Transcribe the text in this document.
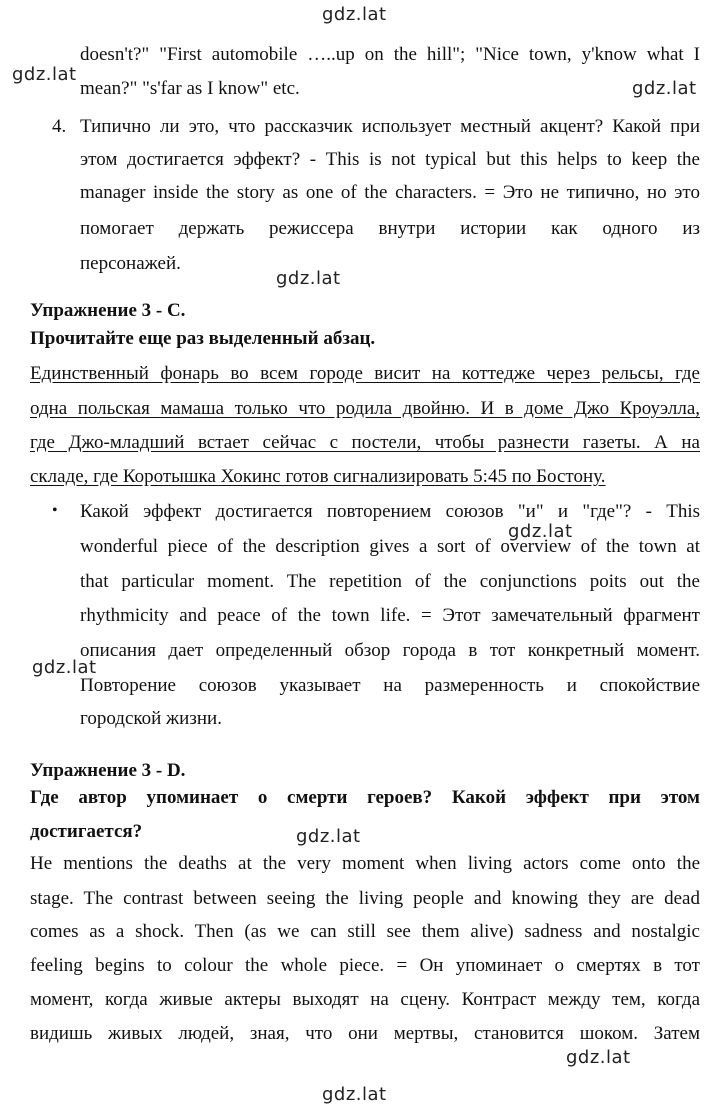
gdz.lat
gdz.lat
gdz.lat
gdz.lat
gdz.lat
gdz.lat
gdz.lat
gdz.lat
gdz.lat
doesn't?" "First automobile …..up on the hill"; "Nice town, y'know what I
mean?" "s'far as I know" etc.
4. Типично ли это, что рассказчик использует местный акцент? Какой при
этом достигается эффект? - This is not typical but this helps to keep the
manager inside the story as one of the characters. = Это не типично, но это
помогает держать режиссера внутри истории как одного из
персонажей.
Упражнение 3 - C.
Прочитайте еще раз выделенный абзац.
Единственный фонарь во всем городе висит на коттедже через рельсы, где
одна польская мамаша только что родила двойню. И в доме Джо Кроуэлла,
где Джо-младший встает сейчас с постели, чтобы разнести газеты. А на
складе, где Коротышка Хокинс готов сигнализировать 5:45 по Бостону.
• Какой эффект достигается повторением союзов "и" и "где"? - This
wonderful piece of the description gives a sort of overview of the town at
that particular moment. The repetition of the conjunctions poits out the
rhythmicity and peace of the town life. = Этот замечательный фрагмент
описания дает определенный обзор города в тот конкретный момент.
Повторение союзов указывает на размеренность и спокойствие
городской жизни.
Упражнение 3 - D.
Где автор упоминает о смерти героев? Какой эффект при этом
достигается?
He mentions the deaths at the very moment when living actors come onto the
stage. The contrast between seeing the living people and knowing they are dead
comes as a shock. Then (as we can still see them alive) sadness and nostalgic
feeling begins to colour the whole piece. = Он упоминает о смертях в тот
момент, когда живые актеры выходят на сцену. Контраст между тем, когда
видишь живых людей, зная, что они мертвы, становится шоком. Затем
